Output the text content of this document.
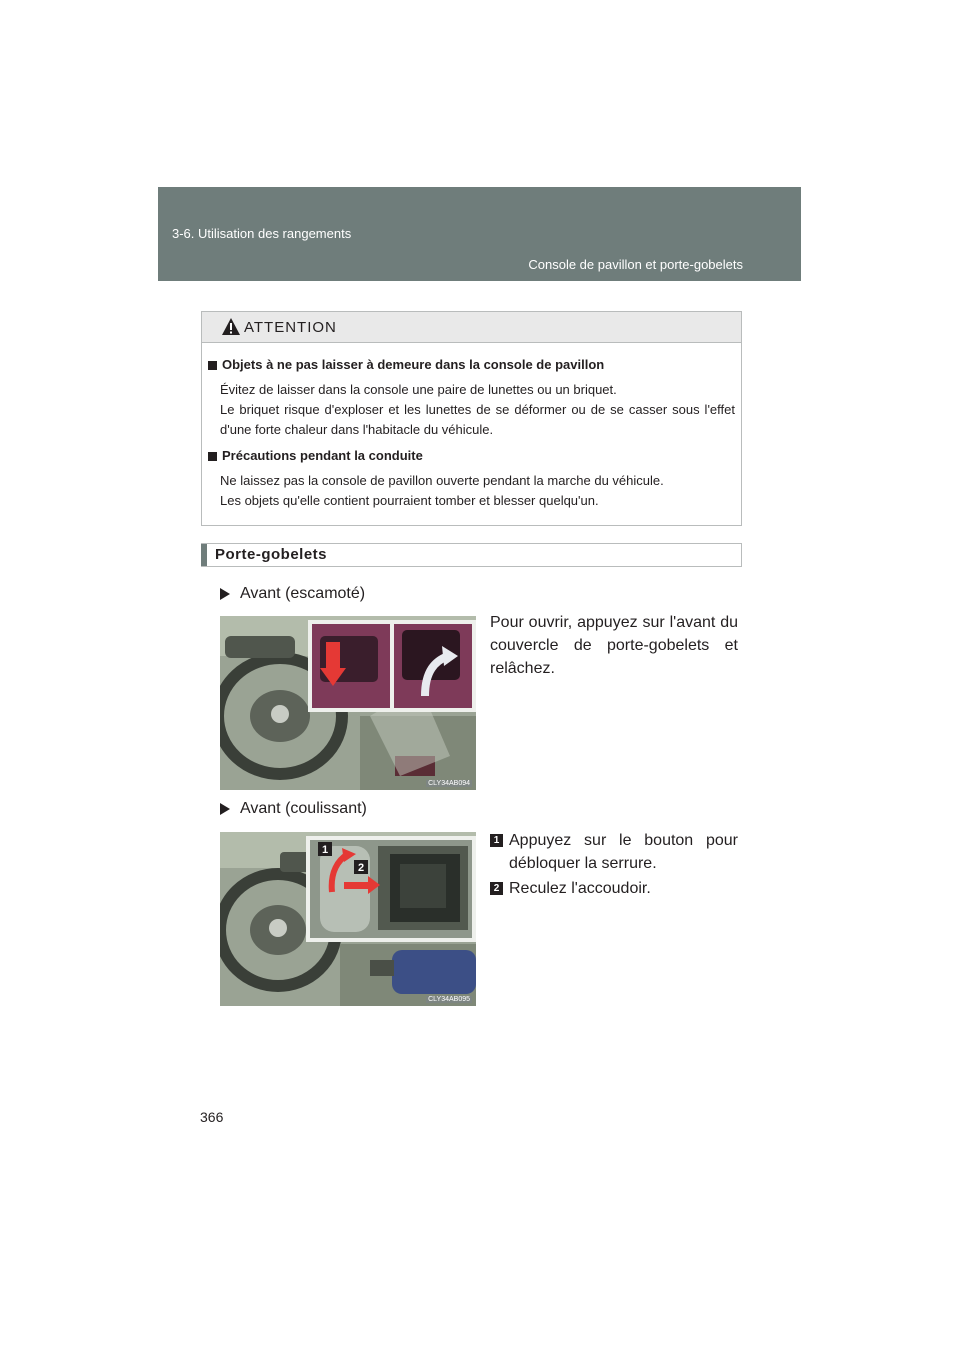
3-6. Utilisation des rangements
Console de pavillon et porte-gobelets
ATTENTION
Objets à ne pas laisser à demeure dans la console de pavillon

Évitez de laisser dans la console une paire de lunettes ou un briquet.

Le briquet risque d'exploser et les lunettes de se déformer ou de se casser sous l'effet d'une forte chaleur dans l'habitacle du véhicule.

Précautions pendant la conduite

Ne laissez pas la console de pavillon ouverte pendant la marche du véhicule.

Les objets qu'elle contient pourraient tomber et blesser quelqu'un.

Porte-gobelets
Avant (escamoté)
CLY34AB094
Pour ouvrir, appuyez sur l'avant du couvercle de porte-gobelets et relâchez.
Avant (coulissant)
1
2
CLY34AB095
1 Appuyez sur le bouton pour débloquer la serrure.
2 Reculez l'accoudoir.
366
